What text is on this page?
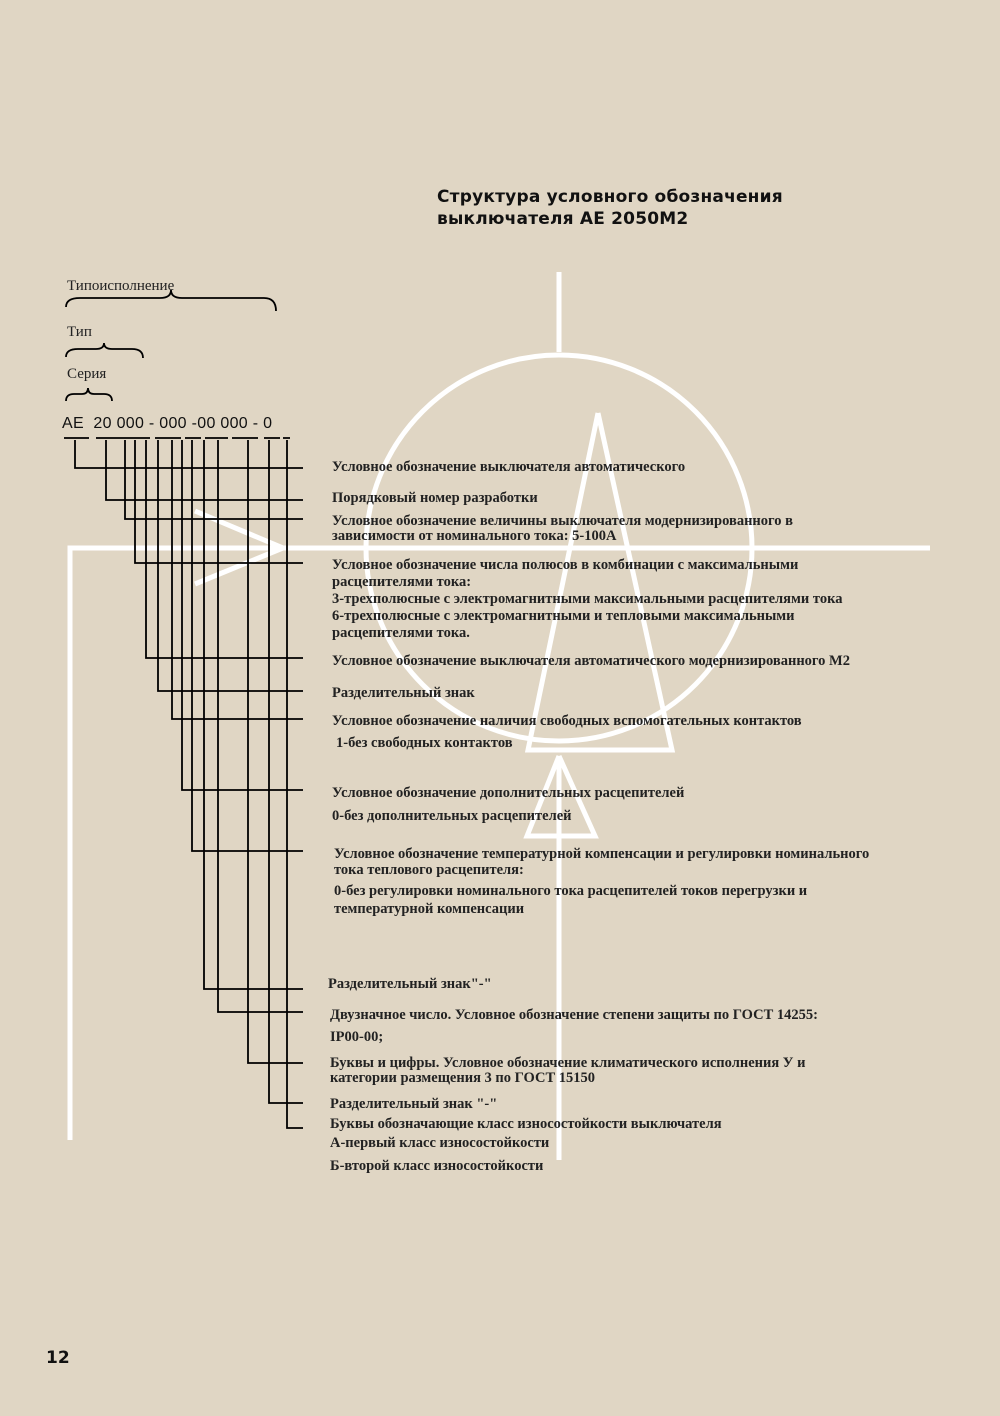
Структура условного обозначения
выключателя АЕ 2050М2
Типоисполнение
Тип
Серия
АЕ  20 000 - 000 -00 000 - 0
Условное обозначение выключателя автоматического
Порядковый номер разработки
Условное обозначение величины выключателя модернизированного в
зависимости от номинального тока: 5-100А
Условное обозначение числа полюсов в комбинации с максимальными
расцепителями тока:
3-трехполюсные с электромагнитными максимальными расцепителями тока
6-трехполюсные с электромагнитными и тепловыми максимальными
расцепителями тока.
Условное обозначение выключателя автоматического модернизированного М2
Разделительный знак
Условное обозначение наличия свободных вспомогательных контактов
1-без свободных контактов
Условное обозначение дополнительных расцепителей
0-без дополнительных расцепителей
Условное обозначение температурной компенсации и регулировки номинального
тока теплового расцепителя:
0-без регулировки номинального тока расцепителей токов перегрузки и
температурной компенсации
Разделительный знак"-"
Двузначное число. Условное обозначение степени защиты по ГОСТ 14255:
IP00-00;
Буквы и цифры. Условное обозначение климатического исполнения У и
категории размещения 3 по ГОСТ 15150
Разделительный знак "-"
Буквы обозначающие класс износостойкости выключателя
А-первый класс износостойкости
Б-второй класс износостойкости
12
